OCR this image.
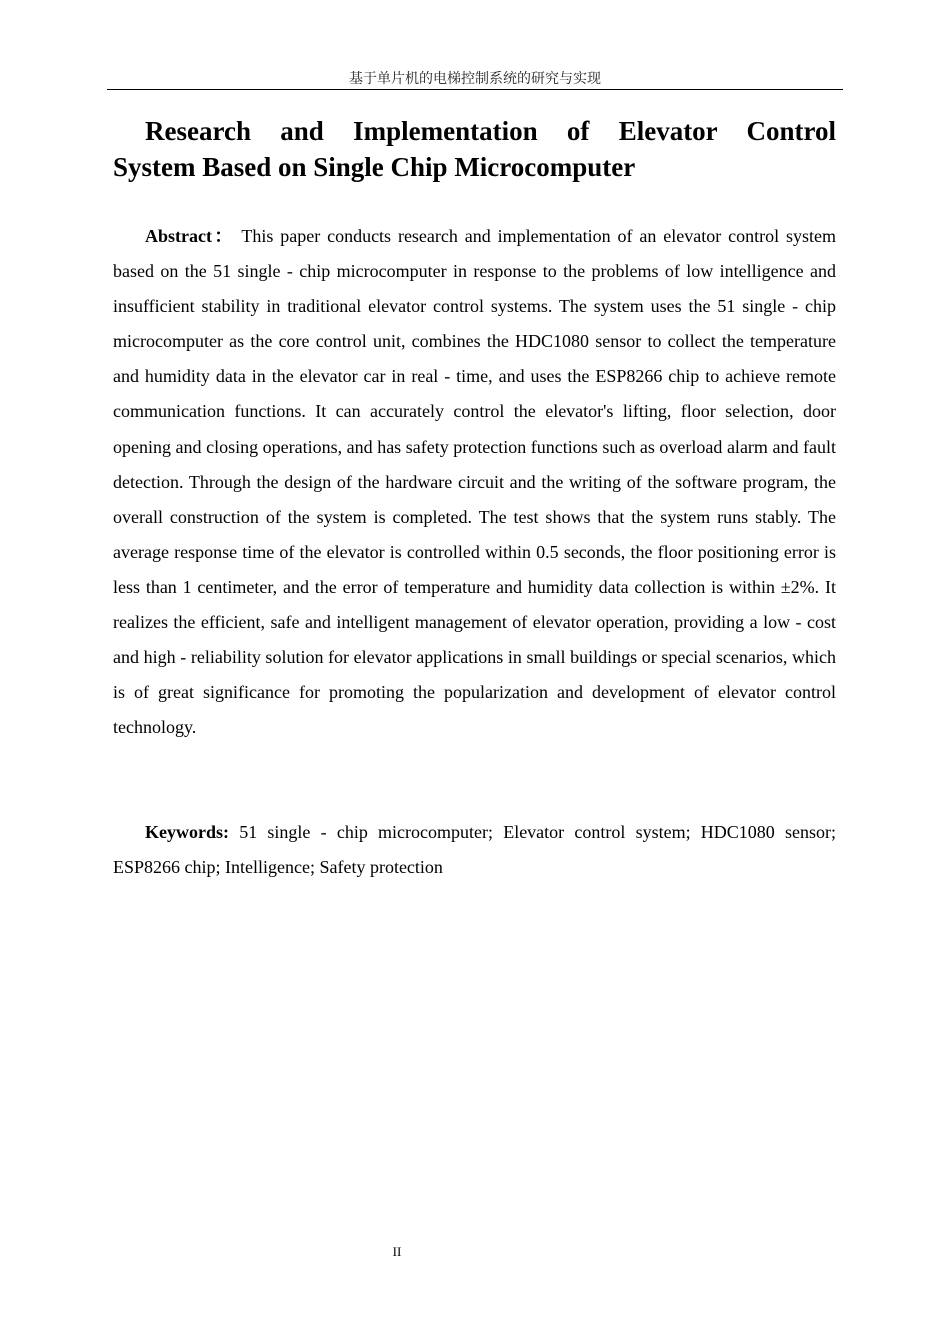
基于单片机的电梯控制系统的研究与实现
Research and Implementation of Elevator Control
System Based on Single Chip Microcomputer

Abstract： This paper conducts research and implementation of an elevator control system based on the 51 single - chip microcomputer in response to the problems of low intelligence and insufficient stability in traditional elevator control systems. The system uses the 51 single - chip microcomputer as the core control unit, combines the HDC1080 sensor to collect the temperature and humidity data in the elevator car in real - time, and uses the ESP8266 chip to achieve remote communication functions. It can accurately control the elevator's lifting, floor selection, door opening and closing operations, and has safety protection functions such as overload alarm and fault detection. Through the design of the hardware circuit and the writing of the software program, the overall construction of the system is completed. The test shows that the system runs stably. The average response time of the elevator is controlled within 0.5 seconds, the floor positioning error is less than 1 centimeter, and the error of temperature and humidity data collection is within ±2%. It realizes the efficient, safe and intelligent management of elevator operation, providing a low - cost and high - reliability solution for elevator applications in small buildings or special scenarios, which is of great significance for promoting the popularization and development of elevator control technology.

Keywords: 51 single - chip microcomputer; Elevator control system; HDC1080 sensor; ESP8266 chip; Intelligence; Safety protection

II
